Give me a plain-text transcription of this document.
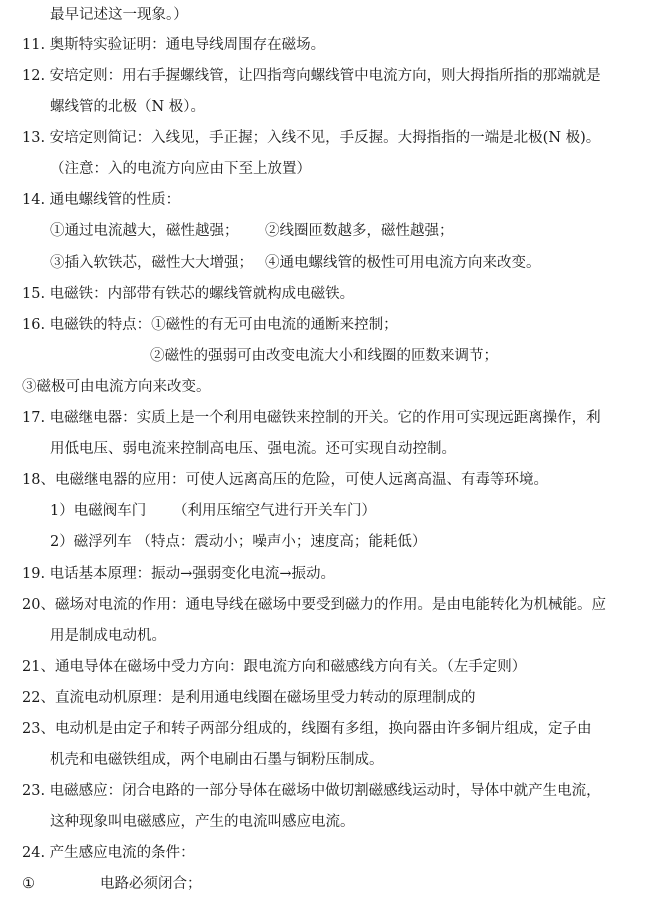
最早记述这一现象。）
11. 奥斯特实验证明：通电导线周围存在磁场。
12. 安培定则：用右手握螺线管，让四指弯向螺线管中电流方向，则大拇指所指的那端就是
螺线管的北极（N 极）。
13. 安培定则简记：入线见，手正握；入线不见，手反握。大拇指指的一端是北极(N 极)。
（注意：入的电流方向应由下至上放置）
14. 通电螺线管的性质：
①通过电流越大，磁性越强； ②线圈匝数越多，磁性越强；
③插入软铁芯，磁性大大增强； ④通电螺线管的极性可用电流方向来改变。
15. 电磁铁：内部带有铁芯的螺线管就构成电磁铁。
16. 电磁铁的特点：①磁性的有无可由电流的通断来控制；
②磁性的强弱可由改变电流大小和线圈的匝数来调节；
③磁极可由电流方向来改变。
17. 电磁继电器：实质上是一个利用电磁铁来控制的开关。它的作用可实现远距离操作，利
用低电压、弱电流来控制高电压、强电流。还可实现自动控制。
18、电磁继电器的应用：可使人远离高压的危险，可使人远离高温、有毒等环境。
1）电磁阀车门 （利用压缩空气进行开关车门）
2）磁浮列车 （特点：震动小；噪声小；速度高；能耗低）
19. 电话基本原理：振动→强弱变化电流→振动。
20、磁场对电流的作用：通电导线在磁场中要受到磁力的作用。是由电能转化为机械能。应
用是制成电动机。
21、通电导体在磁场中受力方向：跟电流方向和磁感线方向有关。（左手定则）
22、直流电动机原理：是利用通电线圈在磁场里受力转动的原理制成的
23、电动机是由定子和转子两部分组成的，线圈有多组，换向器由许多铜片组成，定子由
机壳和电磁铁组成，两个电刷由石墨与铜粉压制成。
23. 电磁感应：闭合电路的一部分导体在磁场中做切割磁感线运动时，导体中就产生电流，
这种现象叫电磁感应，产生的电流叫感应电流。
24. 产生感应电流的条件：
①	电路必须闭合；
